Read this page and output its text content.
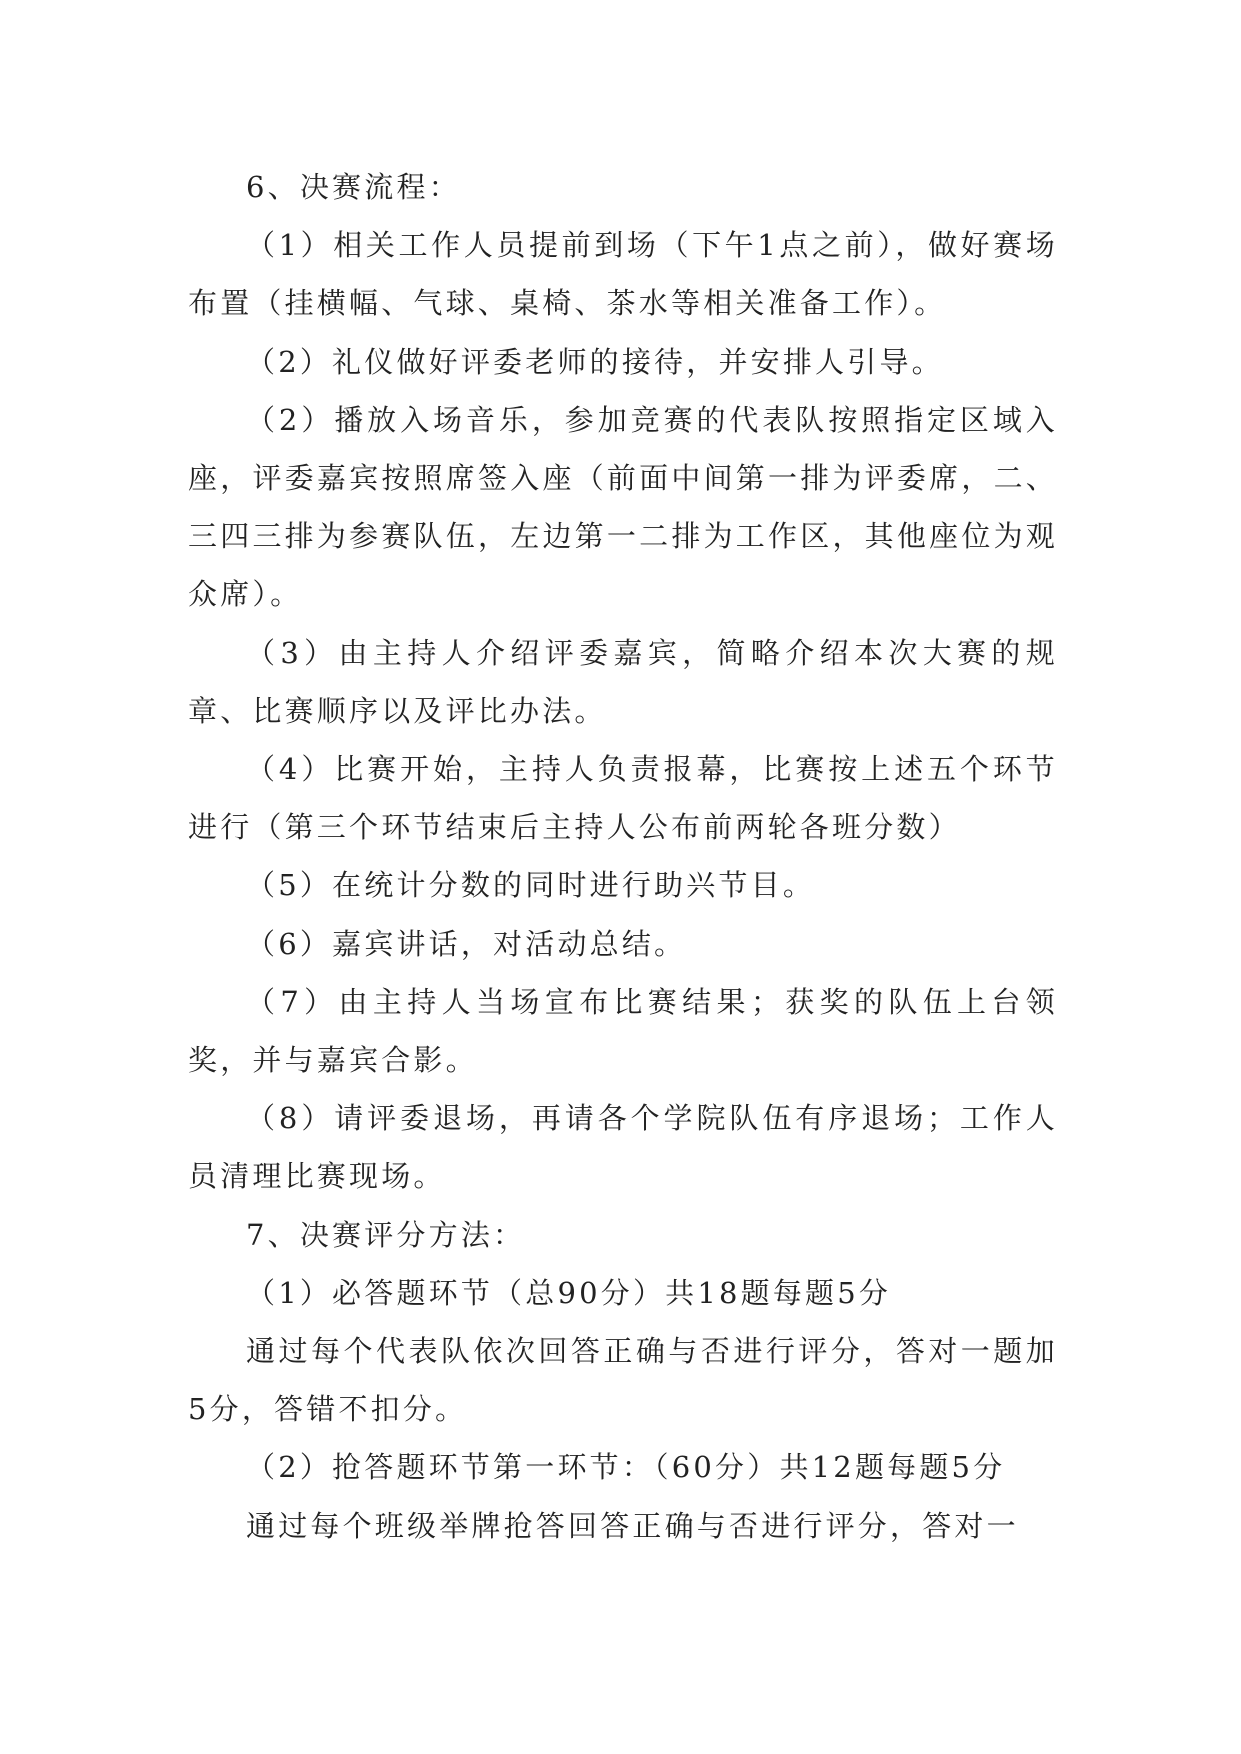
6、决赛流程：

（1）相关工作人员提前到场（下午1点之前），做好赛场布置（挂横幅、气球、桌椅、茶水等相关准备工作）。

（2）礼仪做好评委老师的接待，并安排人引导。

（2）播放入场音乐，参加竞赛的代表队按照指定区域入座，评委嘉宾按照席签入座（前面中间第一排为评委席，二、三四三排为参赛队伍，左边第一二排为工作区，其他座位为观众席）。

（3）由主持人介绍评委嘉宾，简略介绍本次大赛的规章、比赛顺序以及评比办法。

（4）比赛开始，主持人负责报幕，比赛按上述五个环节进行（第三个环节结束后主持人公布前两轮各班分数）

（5）在统计分数的同时进行助兴节目。

（6）嘉宾讲话，对活动总结。

（7）由主持人当场宣布比赛结果；获奖的队伍上台领奖，并与嘉宾合影。

（8）请评委退场，再请各个学院队伍有序退场；工作人员清理比赛现场。

7、决赛评分方法：

（1）必答题环节（总90分）共18题每题5分

通过每个代表队依次回答正确与否进行评分，答对一题加5分，答错不扣分。

（2）抢答题环节第一环节：（60分）共12题每题5分

通过每个班级举牌抢答回答正确与否进行评分，答对一
